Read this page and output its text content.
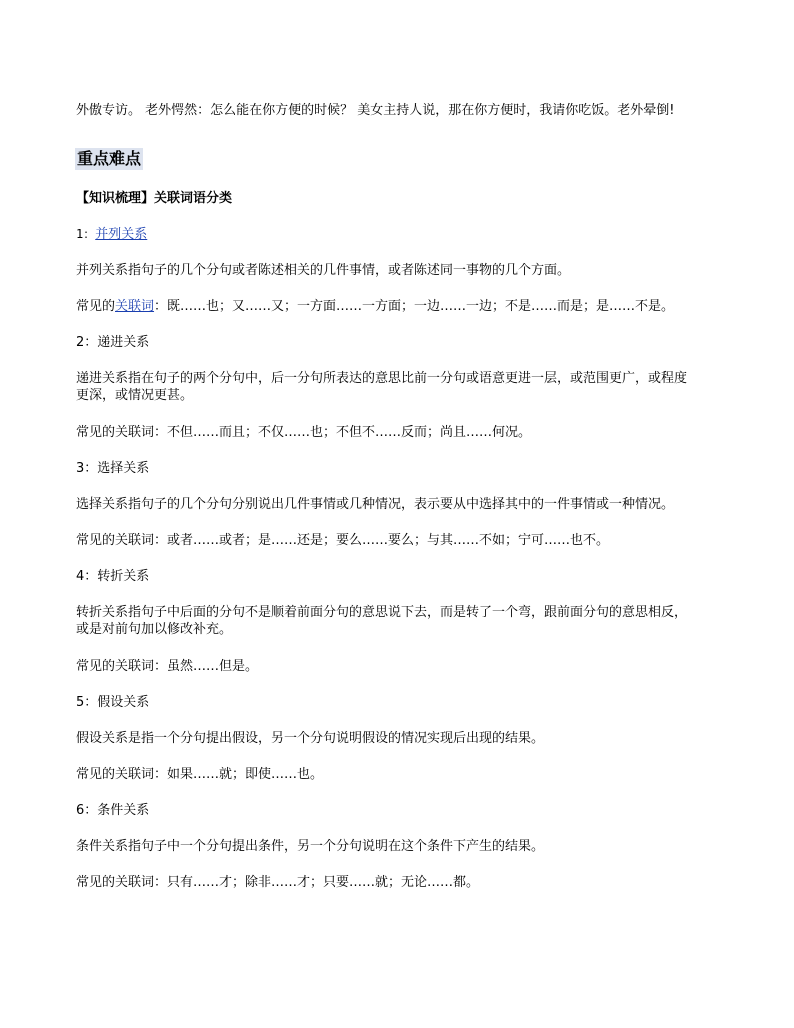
外傲专访。 老外愕然：怎么能在你方便的时候？ 美女主持人说，那在你方便时，我请你吃饭。老外晕倒!
重点难点
【知识梳理】关联词语分类
1：并列关系
并列关系指句子的几个分句或者陈述相关的几件事情，或者陈述同一事物的几个方面。
常见的关联词：既……也；又……又；一方面……一方面；一边……一边；不是……而是；是……不是。
2：递进关系
递进关系指在句子的两个分句中，后一分句所表达的意思比前一分句或语意更进一层，或范围更广，或程度
更深，或情况更甚。
常见的关联词：不但……而且；不仅……也；不但不……反而；尚且……何况。
3：选择关系
选择关系指句子的几个分句分别说出几件事情或几种情况，表示要从中选择其中的一件事情或一种情况。
常见的关联词：或者……或者；是……还是；要么……要么；与其……不如；宁可……也不。
4：转折关系
转折关系指句子中后面的分句不是顺着前面分句的意思说下去，而是转了一个弯，跟前面分句的意思相反，
或是对前句加以修改补充。
常见的关联词：虽然……但是。
5：假设关系
假设关系是指一个分句提出假设，另一个分句说明假设的情况实现后出现的结果。
常见的关联词：如果……就；即使……也。
6：条件关系
条件关系指句子中一个分句提出条件，另一个分句说明在这个条件下产生的结果。
常见的关联词：只有……才；除非……才；只要……就；无论……都。
